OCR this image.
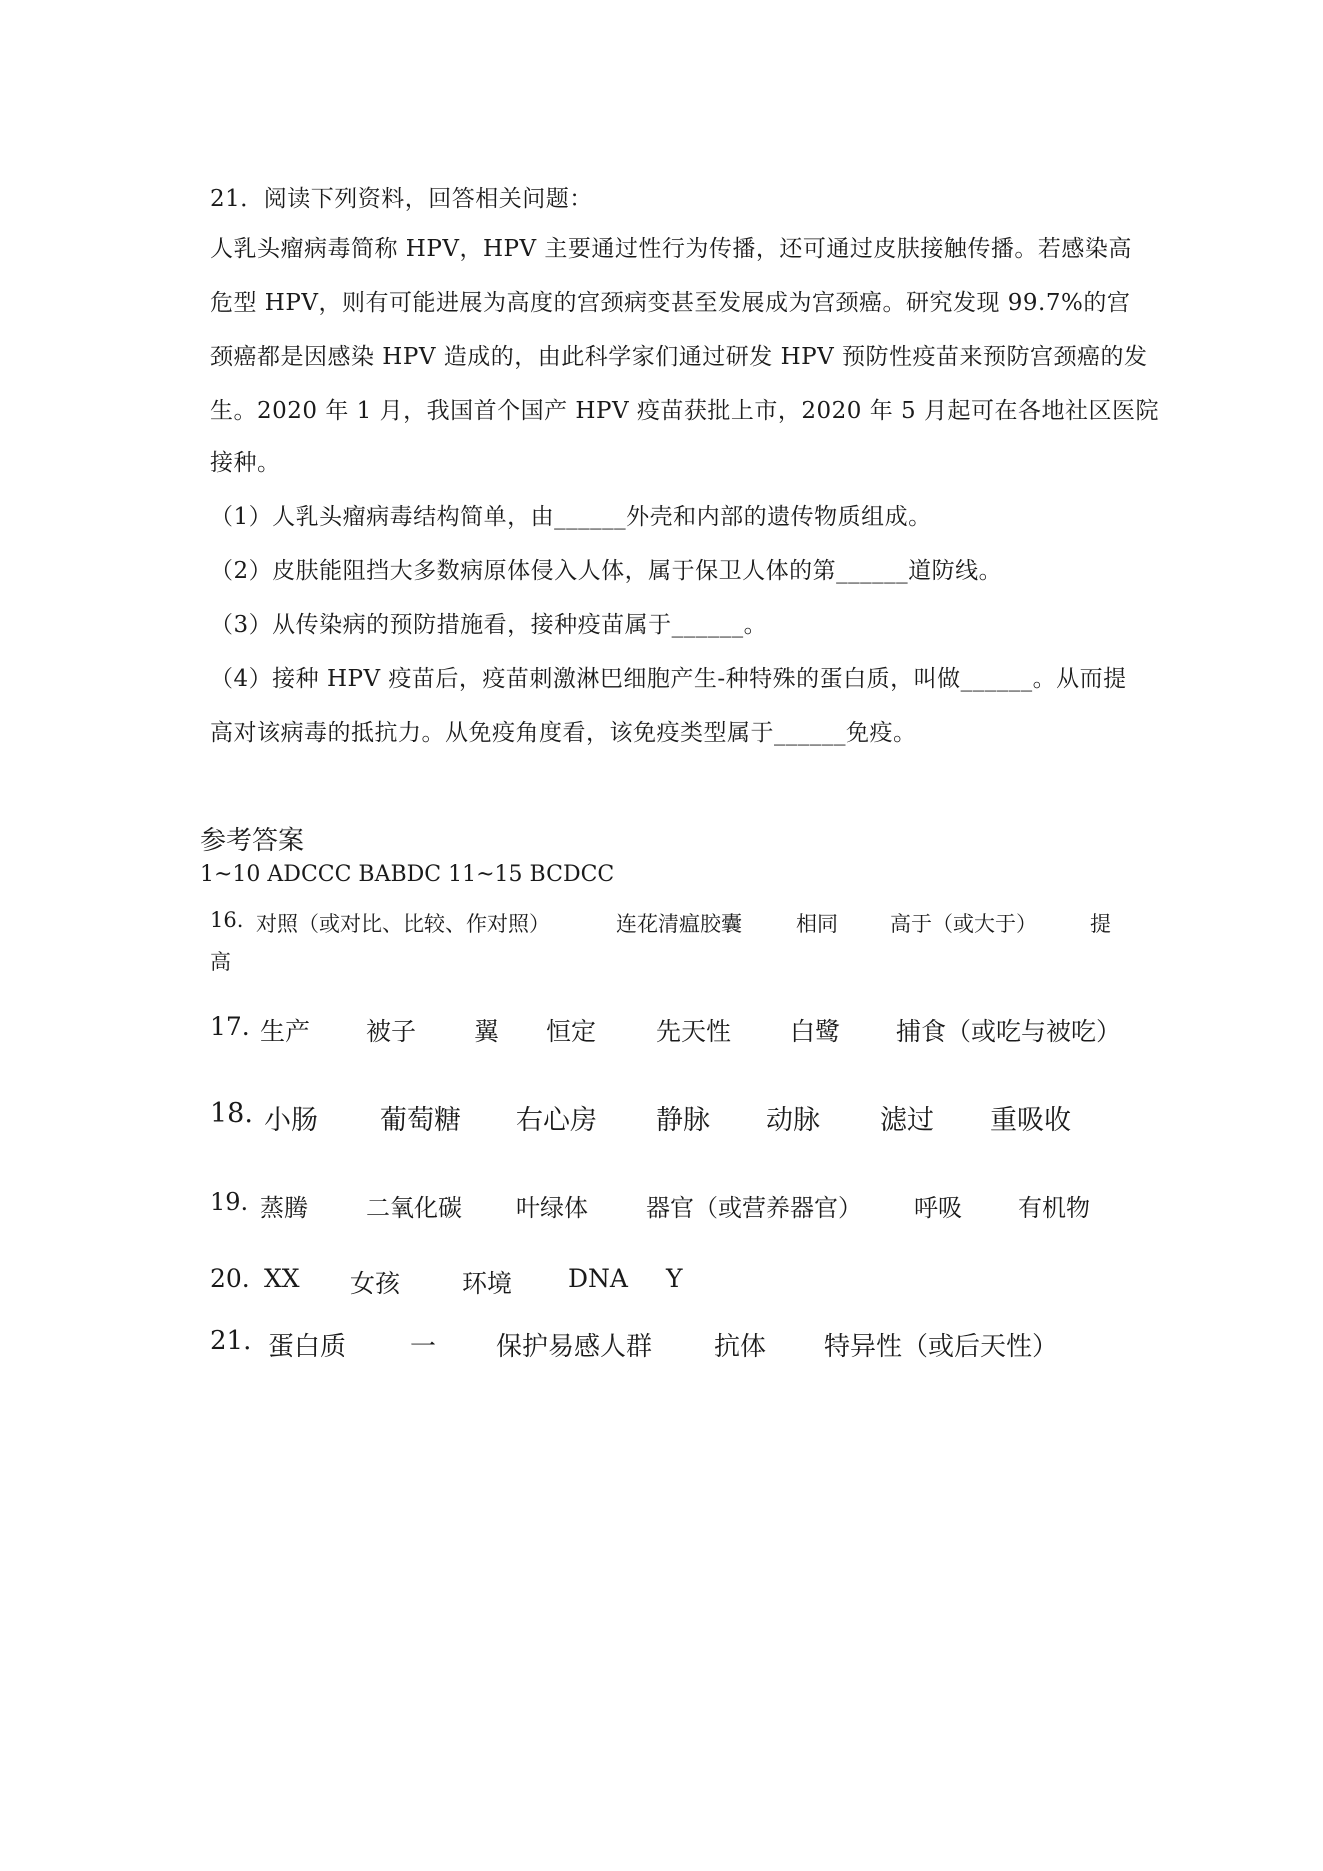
21．阅读下列资料，回答相关问题：
人乳头瘤病毒简称 HPV，HPV 主要通过性行为传播，还可通过皮肤接触传播。若感染高
危型 HPV，则有可能进展为高度的宫颈病变甚至发展成为宫颈癌。研究发现 99.7%的宫
颈癌都是因感染 HPV 造成的，由此科学家们通过研发 HPV 预防性疫苗来预防宫颈癌的发
生。2020 年 1 月，我国首个国产 HPV 疫苗获批上市，2020 年 5 月起可在各地社区医院
接种。
（1）人乳头瘤病毒结构简单，由______外壳和内部的遗传物质组成。
（2）皮肤能阻挡大多数病原体侵入人体，属于保卫人体的第______道防线。
（3）从传染病的预防措施看，接种疫苗属于______。
（4）接种 HPV 疫苗后，疫苗刺激淋巴细胞产生-种特殊的蛋白质，叫做______。从而提
高对该病毒的抵抗力。从免疫角度看，该免疫类型属于______免疫。
参考答案
1~10 ADCCC BABDC 11~15 BCDCC
16. 对照（或对比、比较、作对照）	连花清瘟胶囊	相同 高于（或大于）	提
高
17. 生产 被子 翼 恒定 先天性 白鹭 捕食（或吃与被吃）
18. 小肠 葡萄糖 右心房 静脉 动脉 滤过 重吸收
19. 蒸腾 二氧化碳 叶绿体 器官（或营养器官） 呼吸 有机物
20. XX 女孩 环境 DNA Y
21. 蛋白质 一 保护易感人群 抗体 特异性（或后天性）
